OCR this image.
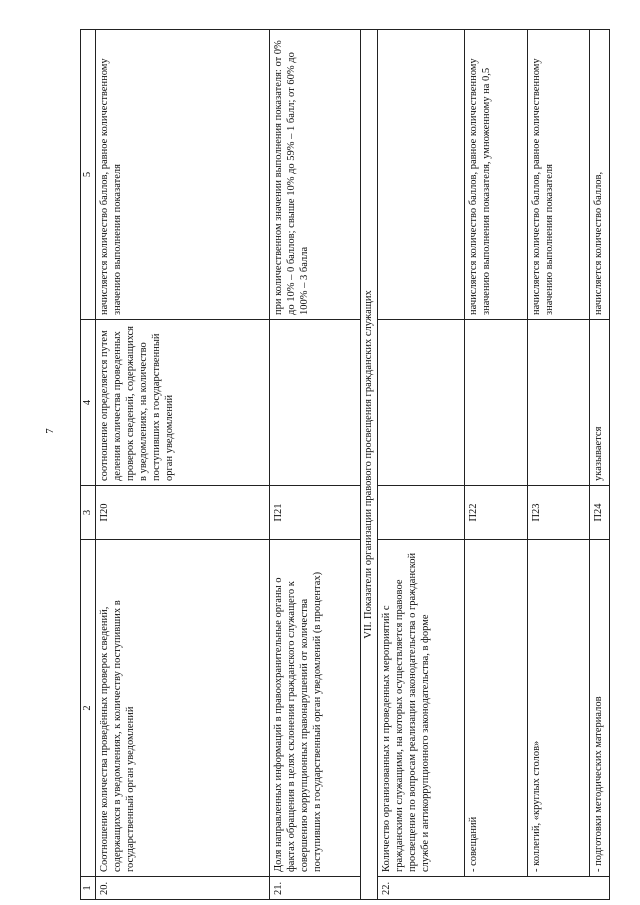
7
1	2	3	4	5
20.	Соотношение количества проведённых проверок сведений, содержащихся в уведомлениях, к количеству поступивших в государственный орган уведомлений	П20	соотношение определяется путем деления количества проведенных проверок сведений, содержащихся в уведомлениях, на количество поступивших в государственный орган уведомлений	начисляется количество баллов, равное количественному значению выполнения показателя
21.	Доля направленных информаций в правоохранительные органы о фактах обращения в целях склонения гражданского служащего к совершению коррупционных правонарушений от количества поступивших в государственный орган уведомлений (в процентах)	П21		при количественном значении выполнения показателя: от 0% до 10% – 0 баллов; свыше 10% до 59% – 1 балл; от 60% до 100% – 3 балла
VII. Показатели организации правового просвещения гражданских служащих				
22.	Количество организованных и проведенных мероприятий с гражданскими служащими, на которых осуществляется правовое просвещение по вопросам реализации законодательства о гражданской службе и антикоррупционного законодательства, в форме			
	- совещаний	П22		начисляется количество баллов, равное количественному значению выполнения показателя, умноженному на 0,5
	- коллегий, «круглых столов»	П23		начисляется количество баллов, равное количественному значению выполнения показателя
	- подготовки методических материалов	П24	указывается	начисляется количество баллов,
